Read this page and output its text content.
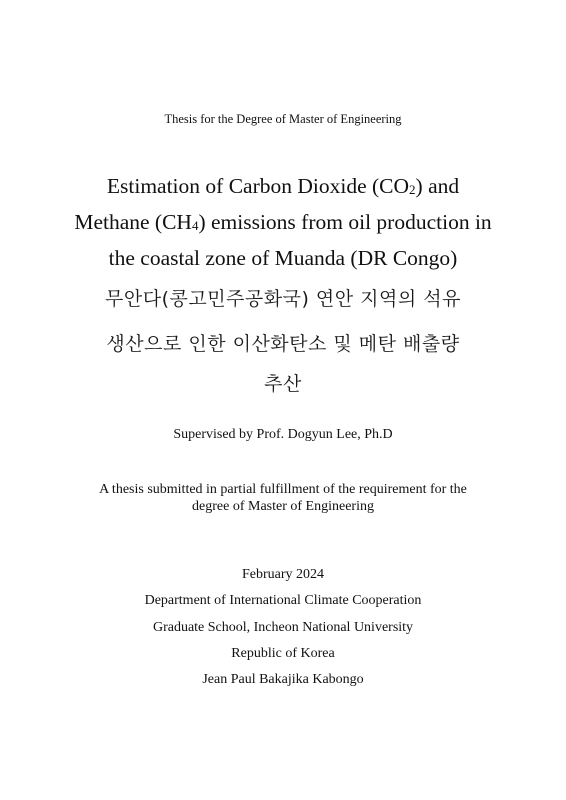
Thesis for the Degree of Master of Engineering
Estimation of Carbon Dioxide $(CO_2)$ and
Methane $(CH_4)$ emissions from oil production in
the coastal zone of Muanda (DR Congo)
무안다(콩고민주공화국) 연안 지역의 석유
생산으로 인한 이산화탄소 및 메탄 배출량
추산
Supervised by Prof. Dogyun Lee, Ph.D
A thesis submitted in partial fulfillment of the requirement for the
degree of Master of Engineering
February 2024
Department of International Climate Cooperation
Graduate School, Incheon National University
Republic of Korea
Jean Paul Bakajika Kabongo
